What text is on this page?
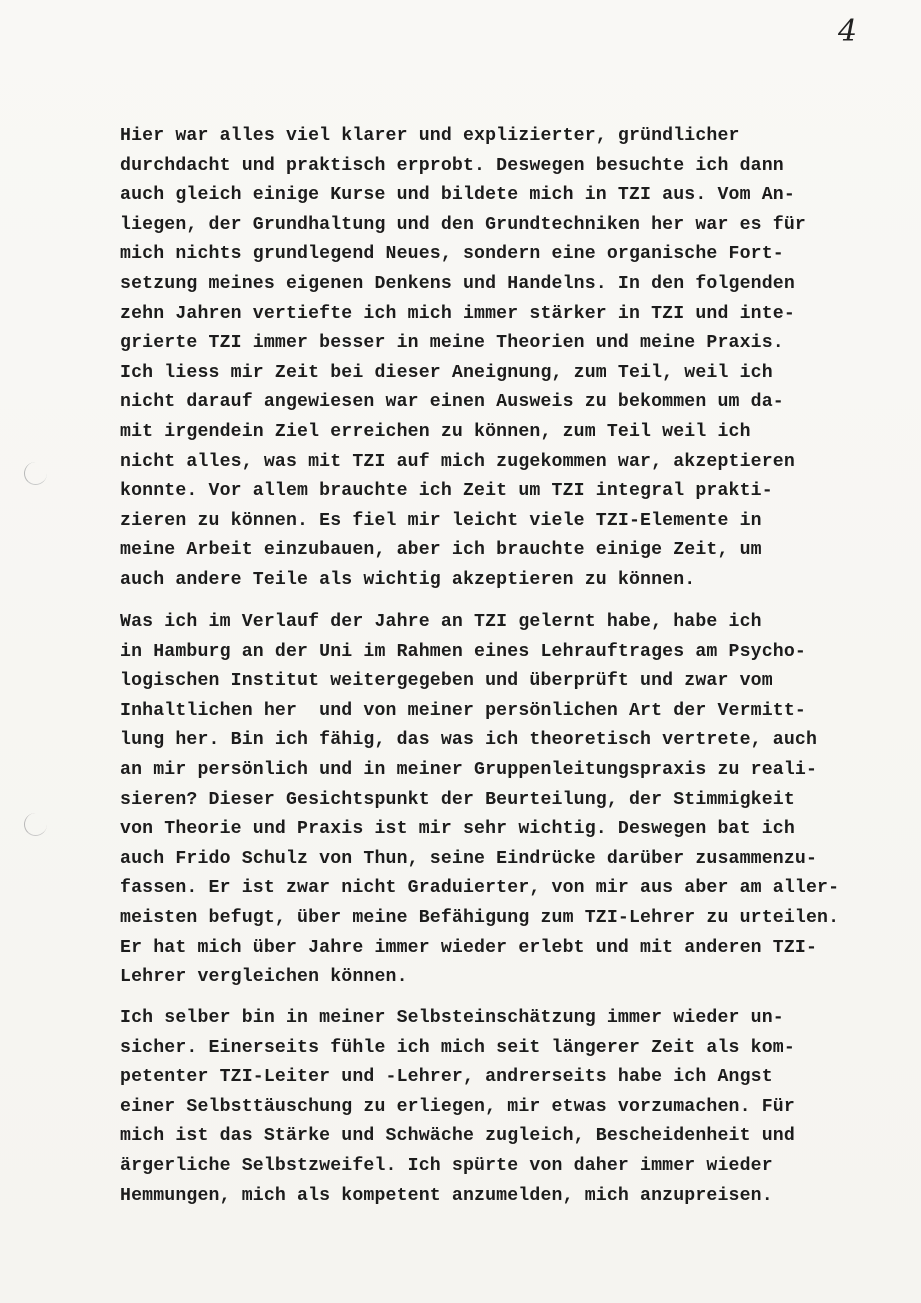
4
Hier war alles viel klarer und explizierter, gründlicher
durchdacht und praktisch erprobt. Deswegen besuchte ich dann
auch gleich einige Kurse und bildete mich in TZI aus. Vom An-
liegen, der Grundhaltung und den Grundtechniken her war es für
mich nichts grundlegend Neues, sondern eine organische Fort-
setzung meines eigenen Denkens und Handelns. In den folgenden
zehn Jahren vertiefte ich mich immer stärker in TZI und inte-
grierte TZI immer besser in meine Theorien und meine Praxis.
Ich liess mir Zeit bei dieser Aneignung, zum Teil, weil ich
nicht darauf angewiesen war einen Ausweis zu bekommen um da-
mit irgendein Ziel erreichen zu können, zum Teil weil ich
nicht alles, was mit TZI auf mich zugekommen war, akzeptieren
konnte. Vor allem brauchte ich Zeit um TZI integral prakti-
zieren zu können. Es fiel mir leicht viele TZI-Elemente in
meine Arbeit einzubauen, aber ich brauchte einige Zeit, um
auch andere Teile als wichtig akzeptieren zu können.
Was ich im Verlauf der Jahre an TZI gelernt habe, habe ich
in Hamburg an der Uni im Rahmen eines Lehrauftrages am Psycho-
logischen Institut weitergegeben und überprüft und zwar vom
Inhaltlichen her  und von meiner persönlichen Art der Vermitt-
lung her. Bin ich fähig, das was ich theoretisch vertrete, auch
an mir persönlich und in meiner Gruppenleitungspraxis zu reali-
sieren? Dieser Gesichtspunkt der Beurteilung, der Stimmigkeit
von Theorie und Praxis ist mir sehr wichtig. Deswegen bat ich
auch Frido Schulz von Thun, seine Eindrücke darüber zusammenzu-
fassen. Er ist zwar nicht Graduierter, von mir aus aber am aller-
meisten befugt, über meine Befähigung zum TZI-Lehrer zu urteilen.
Er hat mich über Jahre immer wieder erlebt und mit anderen TZI-
Lehrer vergleichen können.
Ich selber bin in meiner Selbsteinschätzung immer wieder un-
sicher. Einerseits fühle ich mich seit längerer Zeit als kom-
petenter TZI-Leiter und -Lehrer, andrerseits habe ich Angst
einer Selbsttäuschung zu erliegen, mir etwas vorzumachen. Für
mich ist das Stärke und Schwäche zugleich, Bescheidenheit und
ärgerliche Selbstzweifel. Ich spürte von daher immer wieder
Hemmungen, mich als kompetent anzumelden, mich anzupreisen.
